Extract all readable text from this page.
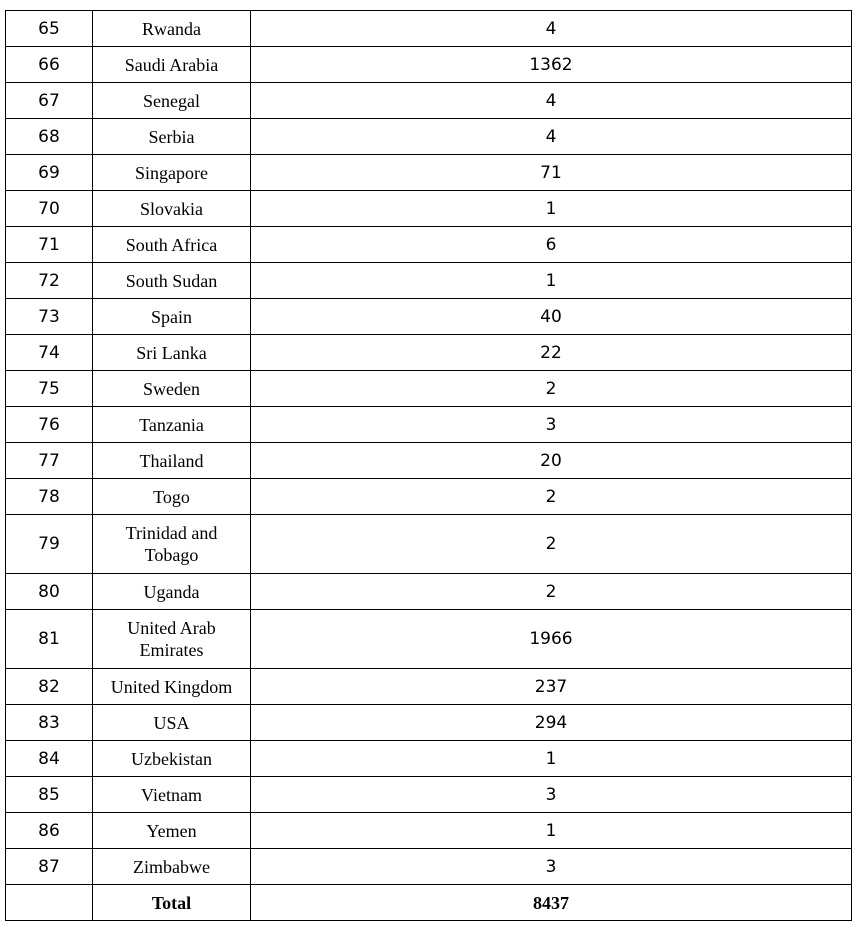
65	Rwanda	4
66	Saudi Arabia	1362
67	Senegal	4
68	Serbia	4
69	Singapore	71
70	Slovakia	1
71	South Africa	6
72	South Sudan	1
73	Spain	40
74	Sri Lanka	22
75	Sweden	2
76	Tanzania	3
77	Thailand	20
78	Togo	2
79	Trinidad and Tobago	2
80	Uganda	2
81	United Arab Emirates	1966
82	United Kingdom	237
83	USA	294
84	Uzbekistan	1
85	Vietnam	3
86	Yemen	1
87	Zimbabwe	3
	Total	8437
